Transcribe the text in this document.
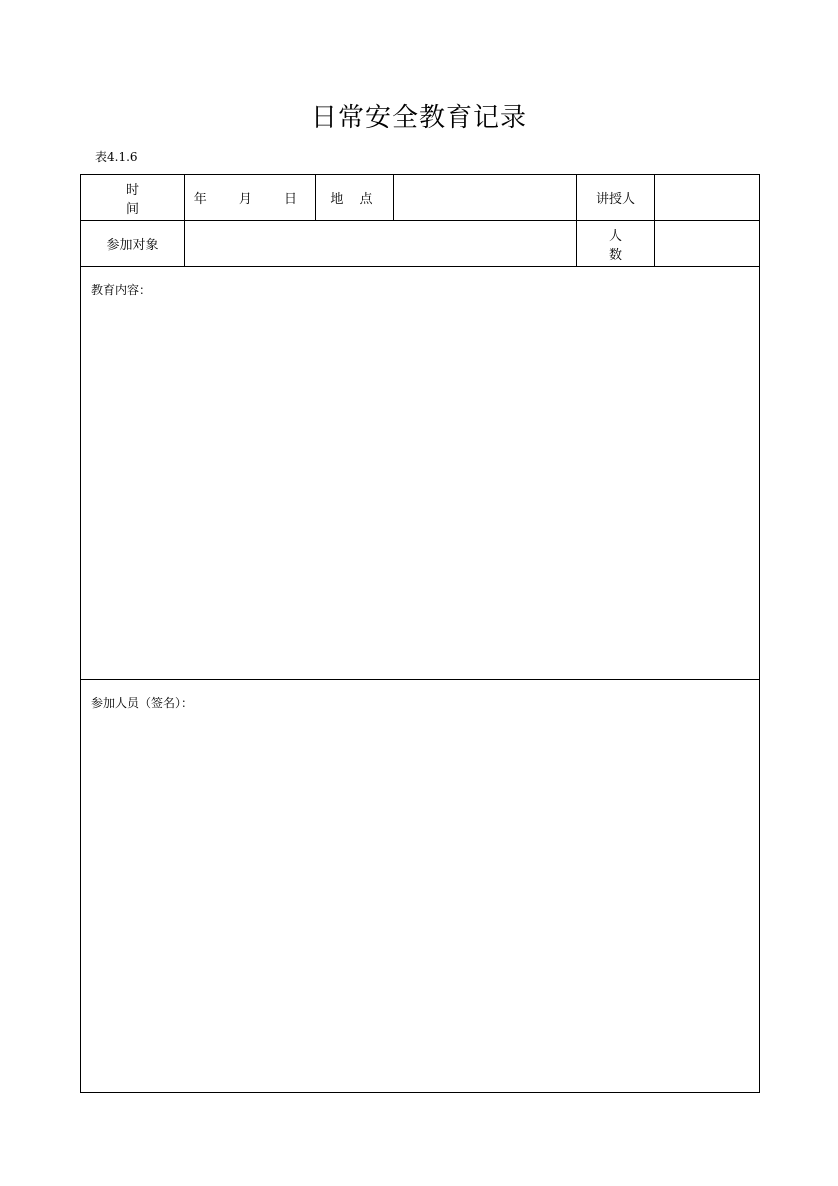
日常安全教育记录
表4.1.6
时 间	年 月 日	地 点		讲授人	
参加对象				人 数	
教育内容：					
参加人员（签名）：					
